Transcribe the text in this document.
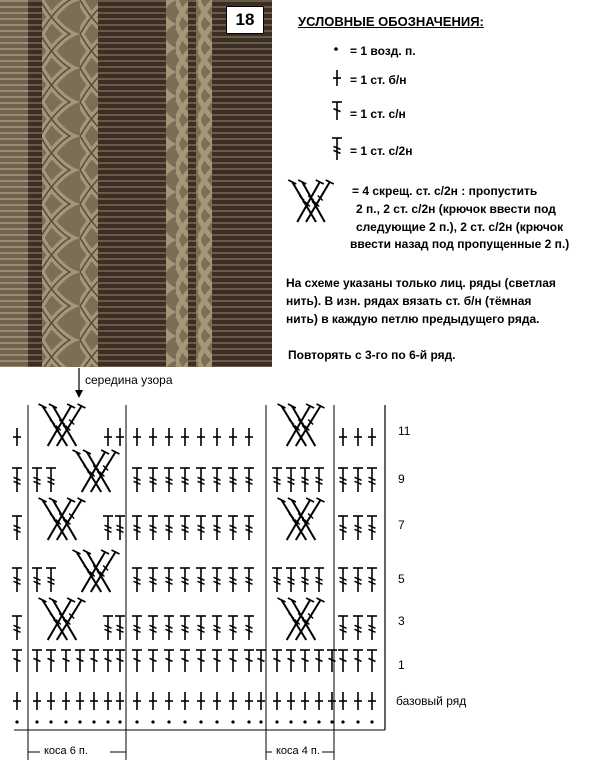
18	УСЛОВНЫЕ ОБОЗНАЧЕНИЯ:
= 1 возд. п.
= 1 ст. б/н
= 1 ст. с/н
= 1 ст. с/2н
= 4 скрещ. ст. с/2н : пропустить
2 п., 2 ст. с/2н (крючок ввести под
следующие 2 п.), 2 ст. с/2н (крючок
ввести назад под пропущенные 2 п.)
На схеме указаны только лиц. ряды (светлая
нить). В изн. рядах вязать ст. б/н (тёмная
нить) в каждую петлю предыдущего ряда.
Повторять с 3-го по 6-й ряд.
середина узора
11
9
7
5
3
1
базовый ряд
коса 6 п.	коса 4 п.
